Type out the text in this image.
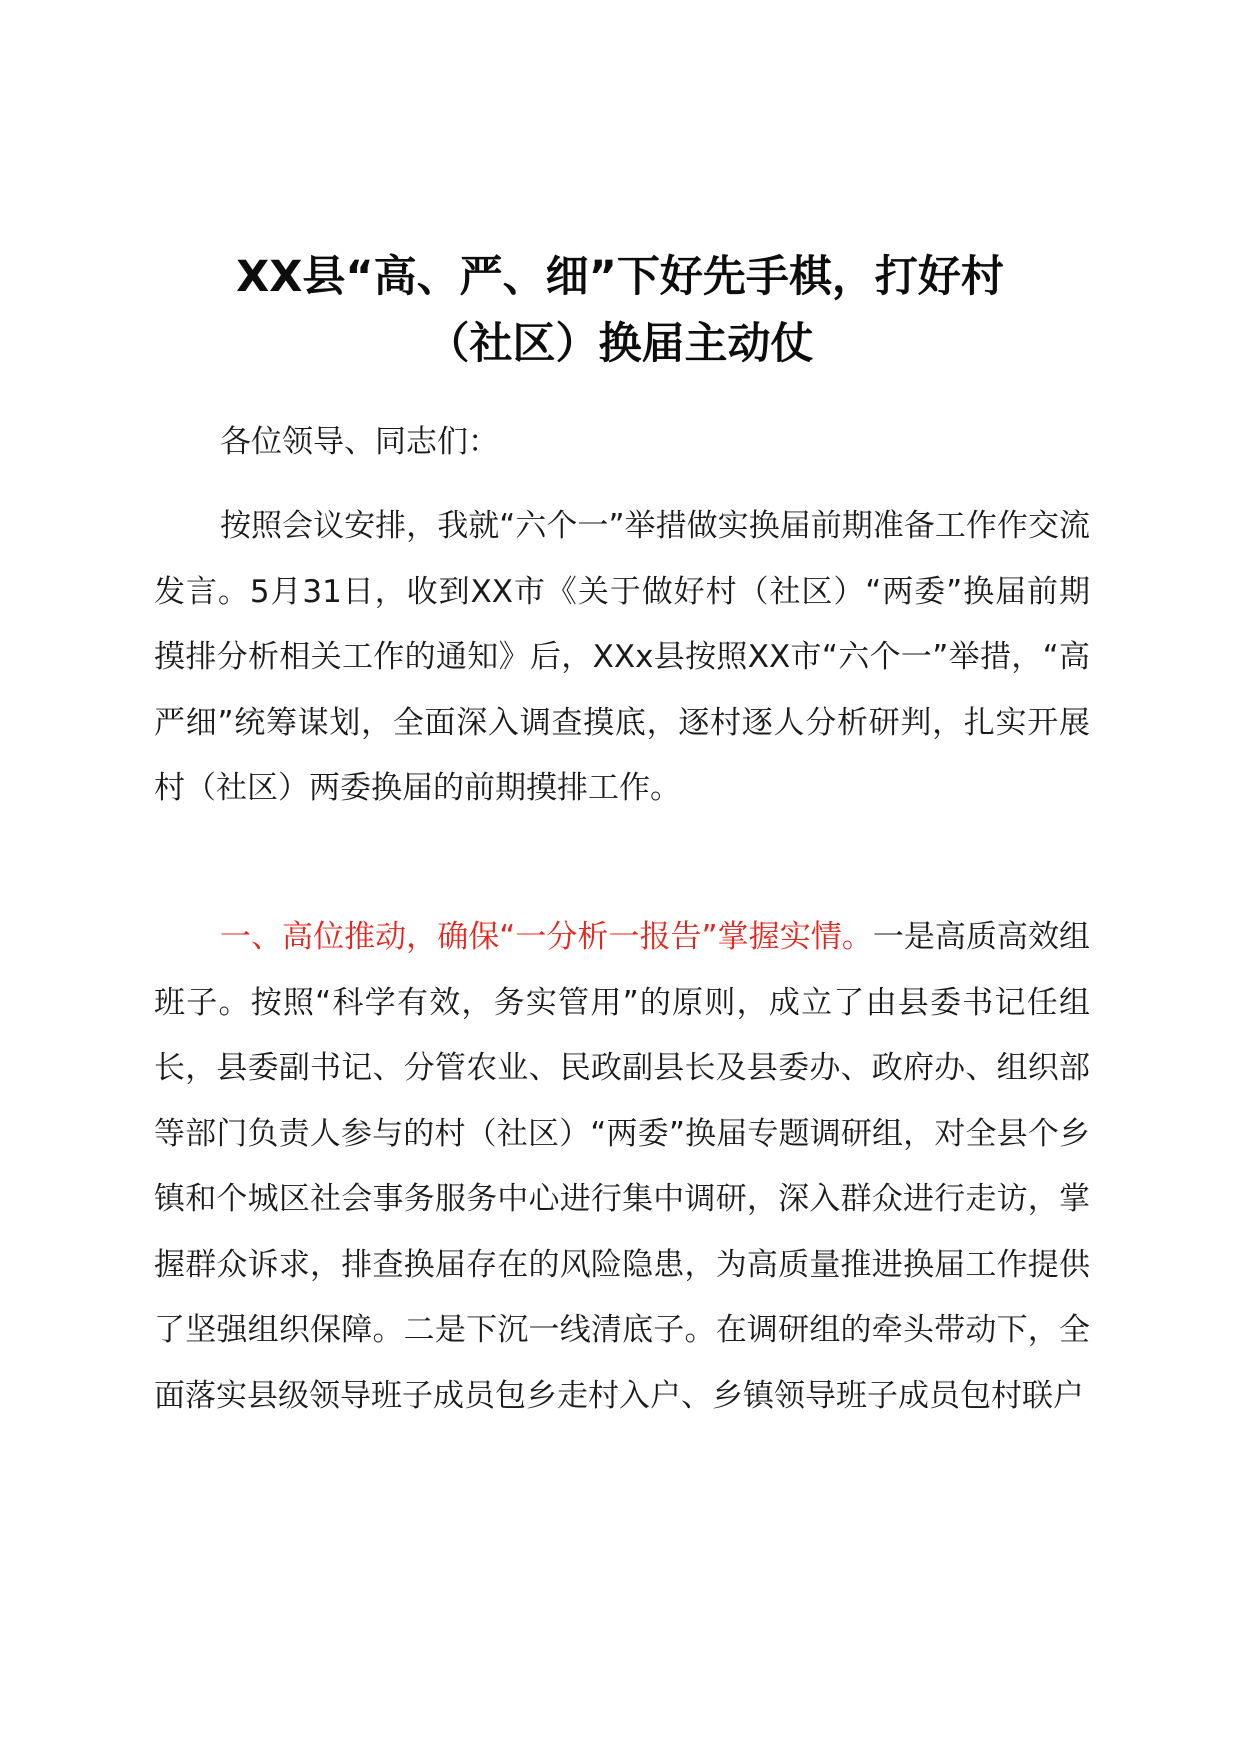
XX县“高、严、细”下好先手棋，打好村
（社区）换届主动仗

各位领导、同志们：

按照会议安排，我就“六个一”举措做实换届前期准备工作作交流发言。5月31日，收到XX市《关于做好村（社区）“两委”换届前期摸排分析相关工作的通知》后，XXx县按照XX市“六个一”举措，“高严细”统筹谋划，全面深入调查摸底，逐村逐人分析研判，扎实开展村（社区）两委换届的前期摸排工作。

一、高位推动，确保“一分析一报告”掌握实情。一是高质高效组班子。按照“科学有效，务实管用”的原则，成立了由县委书记任组长，县委副书记、分管农业、民政副县长及县委办、政府办、组织部等部门负责人参与的村（社区）“两委”换届专题调研组，对全县个乡镇和个城区社会事务服务中心进行集中调研，深入群众进行走访，掌握群众诉求，排查换届存在的风险隐患，为高质量推进换届工作提供了坚强组织保障。二是下沉一线清底子。在调研组的牵头带动下，全面落实县级领导班子成员包乡走村入户、乡镇领导班子成员包村联户
